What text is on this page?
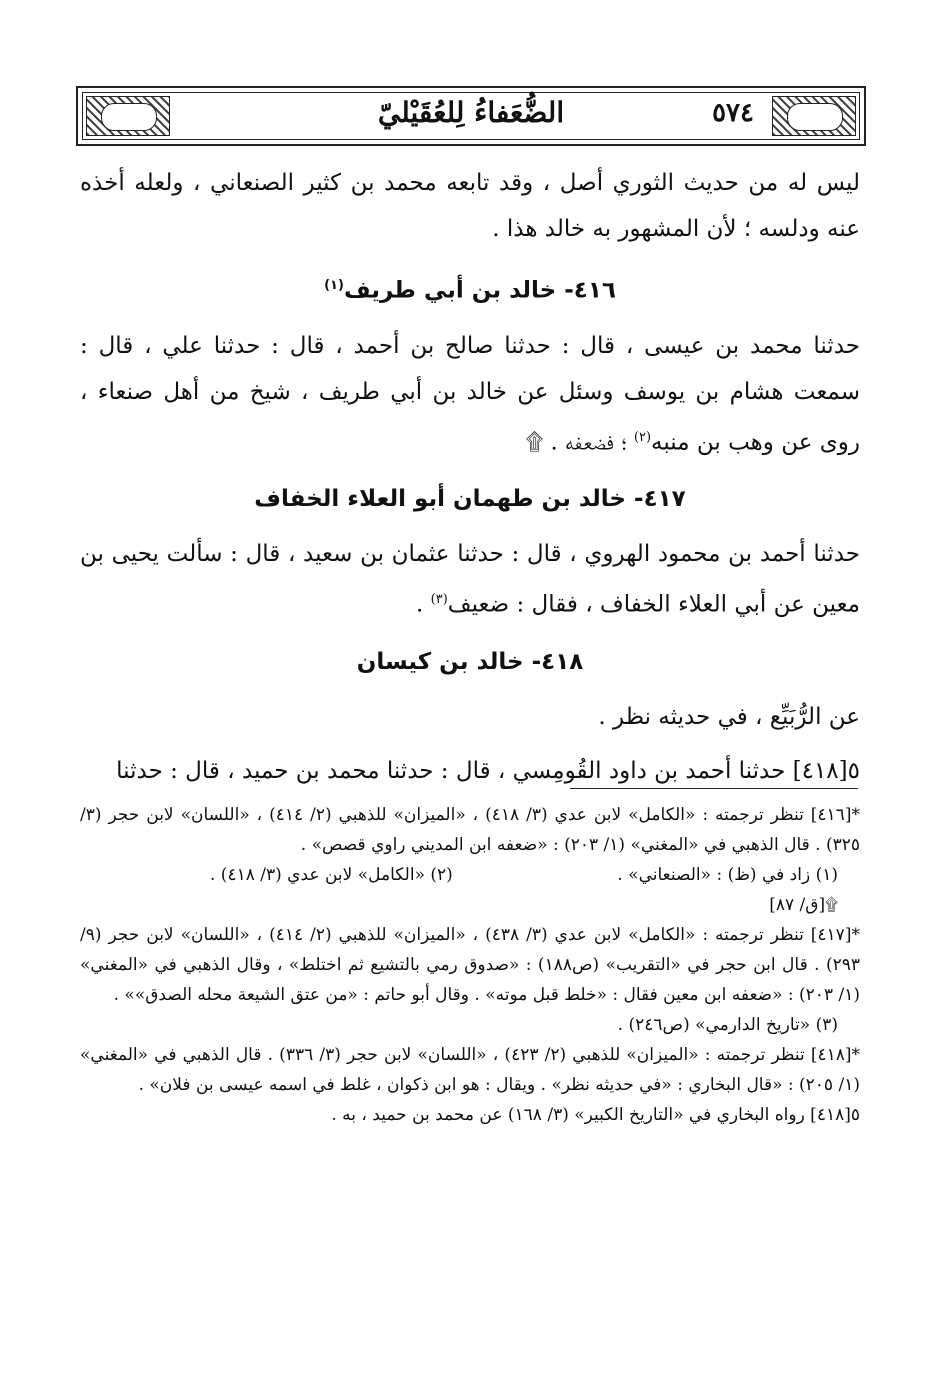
٥٧٤
الضُّعَفاءُ لِلعُقَيْليّ

ليس له من حديث الثوري أصل ، وقد تابعه محمد بن كثير الصنعاني ، ولعله أخذه عنه ودلسه ؛ لأن المشهور به خالد هذا .

٤١٦- خالد بن أبي طريف$^{(١)}$

حدثنا محمد بن عيسى ، قال : حدثنا صالح بن أحمد ، قال : حدثنا علي ، قال : سمعت هشام بن يوسف وسئل عن خالد بن أبي طريف ، شيخ من أهل صنعاء ، روى عن وهب بن منبه$^{(٢)}$ ؛ فضعفه . ۩

٤١٧- خالد بن طهمان أبو العلاء الخفاف

حدثنا أحمد بن محمود الهروي ، قال : حدثنا عثمان بن سعيد ، قال : سألت يحيى بن معين عن أبي العلاء الخفاف ، فقال : ضعيف$^{(٣)}$ .

٤١٨- خالد بن كيسان

عن الرُّبَيِّع ، في حديثه نظر .

٥[٤١٨] حدثنا أحمد بن داود القُومِسي ، قال : حدثنا محمد بن حميد ، قال : حدثنا

*[٤١٦] تنظر ترجمته : «الكامل» لابن عدي (٣/ ٤١٨) ، «الميزان» للذهبي (٢/ ٤١٤) ، «اللسان» لابن حجر (٣/ ٣٢٥) . قال الذهبي في «المغني» (١/ ٢٠٣) : «ضعفه ابن المديني راوي قصص» .

(١) زاد في (ظ) : «الصنعاني» .
(٢) «الكامل» لابن عدي (٣/ ٤١٨) .

۩[ق/ ٨٧]

*[٤١٧] تنظر ترجمته : «الكامل» لابن عدي (٣/ ٤٣٨) ، «الميزان» للذهبي (٢/ ٤١٤) ، «اللسان» لابن حجر (٩/ ٢٩٣) . قال ابن حجر في «التقريب» (ص١٨٨) : «صدوق رمي بالتشيع ثم اختلط» ، وقال الذهبي في «المغني» (١/ ٢٠٣) : «ضعفه ابن معين فقال : «خلط قبل موته» . وقال أبو حاتم : «من عتق الشيعة محله الصدق»» .

(٣) «تاريخ الدارمي» (ص٢٤٦) .

*[٤١٨] تنظر ترجمته : «الميزان» للذهبي (٢/ ٤٢٣) ، «اللسان» لابن حجر (٣/ ٣٣٦) . قال الذهبي في «المغني» (١/ ٢٠٥) : «قال البخاري : «في حديثه نظر» . ويقال : هو ابن ذكوان ، غلط في اسمه عيسى بن فلان» .

٥[٤١٨] رواه البخاري في «التاريخ الكبير» (٣/ ١٦٨) عن محمد بن حميد ، به .
